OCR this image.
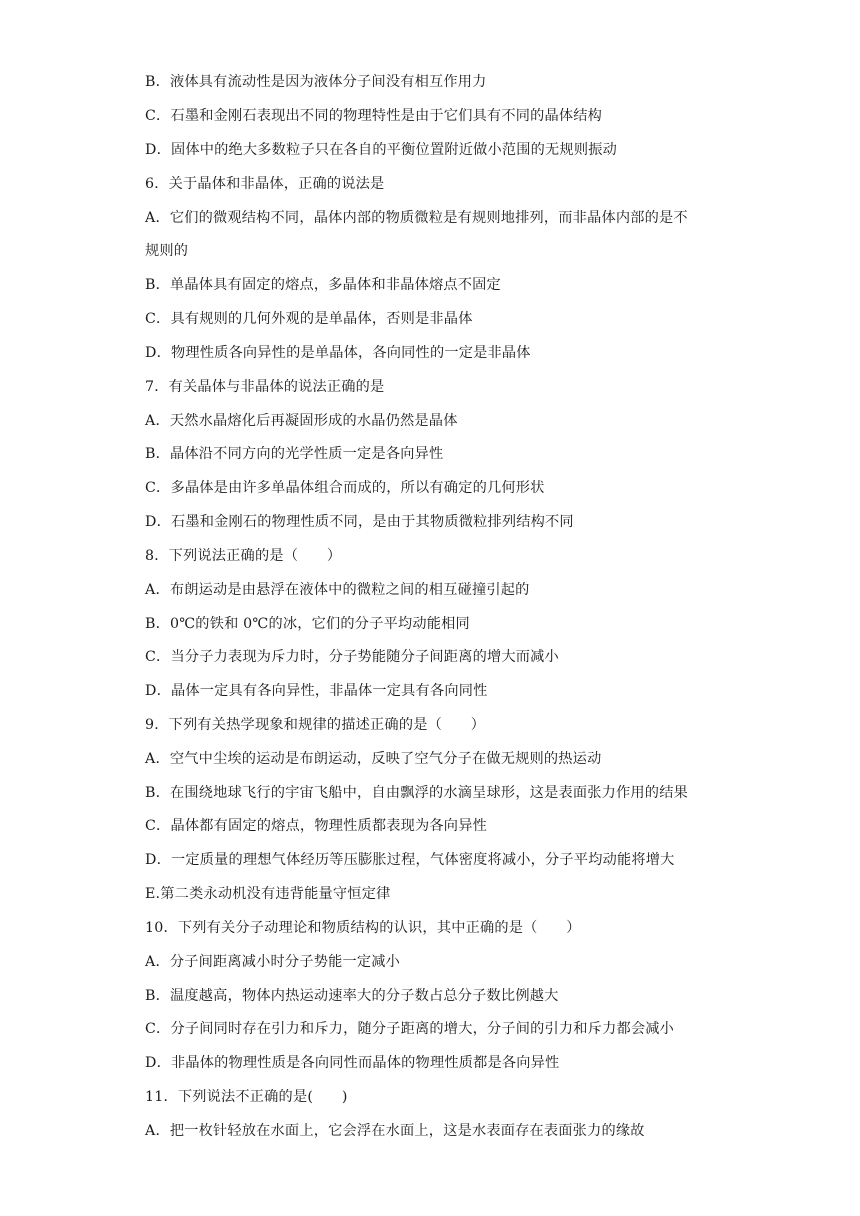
B．液体具有流动性是因为液体分子间没有相互作用力
C．石墨和金刚石表现出不同的物理特性是由于它们具有不同的晶体结构
D．固体中的绝大多数粒子只在各自的平衡位置附近做小范围的无规则振动
6．关于晶体和非晶体，正确的说法是
A．它们的微观结构不同，晶体内部的物质微粒是有规则地排列，而非晶体内部的是不
规则的
B．单晶体具有固定的熔点，多晶体和非晶体熔点不固定
C．具有规则的几何外观的是单晶体，否则是非晶体
D．物理性质各向异性的是单晶体，各向同性的一定是非晶体
7．有关晶体与非晶体的说法正确的是
A．天然水晶熔化后再凝固形成的水晶仍然是晶体
B．晶体沿不同方向的光学性质一定是各向异性
C．多晶体是由许多单晶体组合而成的，所以有确定的几何形状
D．石墨和金刚石的物理性质不同，是由于其物质微粒排列结构不同
8．下列说法正确的是（　　）
A．布朗运动是由悬浮在液体中的微粒之间的相互碰撞引起的
B．0℃的铁和 0℃的冰，它们的分子平均动能相同
C．当分子力表现为斥力时，分子势能随分子间距离的增大而减小
D．晶体一定具有各向异性，非晶体一定具有各向同性
9．下列有关热学现象和规律的描述正确的是（　　）
A．空气中尘埃的运动是布朗运动，反映了空气分子在做无规则的热运动
B．在围绕地球飞行的宇宙飞船中，自由飘浮的水滴呈球形，这是表面张力作用的结果
C．晶体都有固定的熔点，物理性质都表现为各向异性
D．一定质量的理想气体经历等压膨胀过程，气体密度将减小，分子平均动能将增大
E.第二类永动机没有违背能量守恒定律
10．下列有关分子动理论和物质结构的认识，其中正确的是（　　）
A．分子间距离减小时分子势能一定减小
B．温度越高，物体内热运动速率大的分子数占总分子数比例越大
C．分子间同时存在引力和斥力，随分子距离的增大，分子间的引力和斥力都会减小
D．非晶体的物理性质是各向同性而晶体的物理性质都是各向异性
11．下列说法不正确的是(　　)
A．把一枚针轻放在水面上，它会浮在水面上，这是水表面存在表面张力的缘故
